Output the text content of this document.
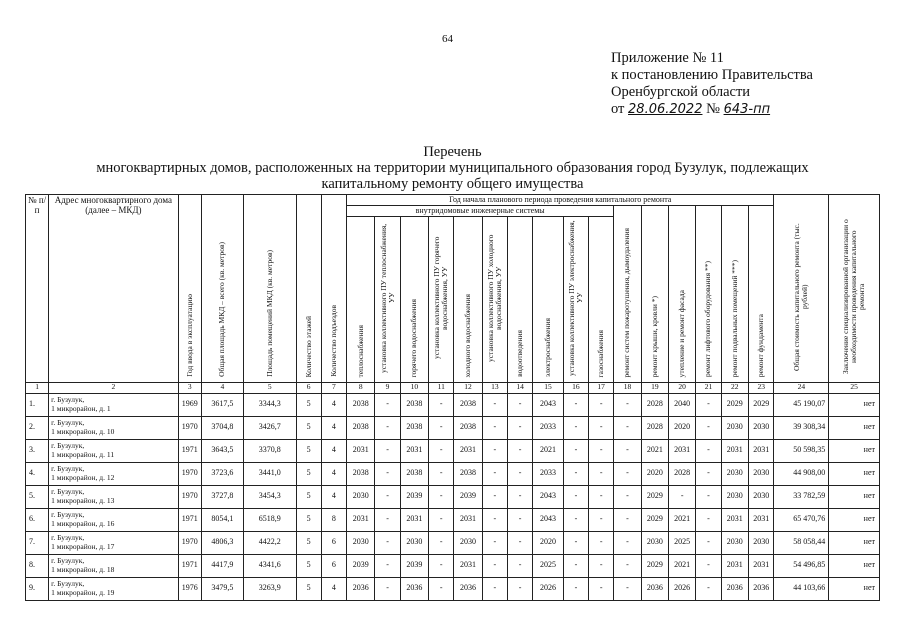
64
Приложение № 11
к постановлению Правительства
Оренбургской области
от 28.06.2022 № 643-пп
Перечень
многоквартирных домов, расположенных на территории муниципального образования город Бузулук, подлежащих
капитальному ремонту общего имущества
№ п/п	Адрес многоквартирного дома (далее – МКД)	Год ввода в эксплуатацию	Общая площадь МКД – всего (кв. метров)	Площадь помещений МКД (кв. метров)	Количество этажей	Количество подъездов	Год начала планового периода проведения капитального ремонта																Общая стоимость капитального ремонта (тыс. рублей)	Заключение специализированной организации о необходимости проведения капитального ремонта
							внутридомовые инженерные системы										ремонт систем пожаротушения, дымоудаления	ремонт крыши, кровли *)	утепление и ремонт фасада	ремонт лифтового оборудования **)	ремонт подвальных помещений ***)	ремонт фундамента		
							теплоснабжения	установка коллективного ПУ теплоснабжения, УУ	горячего водоснабжения	установка коллективного ПУ горячего водоснабжения, УУ	холодного водоснабжения	установка коллективного ПУ холодного водоснабжения, УУ	водоотведения	электроснабжения	установка коллективного ПУ электроснабжения, УУ	газоснабжения								
1	2	3	4	5	6	7	8	9	10	11	12	13	14	15	16	17	18	19	20	21	22	23	24	25
1.	г. Бузулук,
1 микрорайон, д. 1	1969	3617,5	3344,3	5	4	2038	-	2038	-	2038	-	-	2043	-	-	-	2028	2040	-	2029	2029	45 190,07	нет
2.	г. Бузулук,
1 микрорайон, д. 10	1970	3704,8	3426,7	5	4	2038	-	2038	-	2038	-	-	2033	-	-	-	2028	2020	-	2030	2030	39 308,34	нет
3.	г. Бузулук,
1 микрорайон, д. 11	1971	3643,5	3370,8	5	4	2031	-	2031	-	2031	-	-	2021	-	-	-	2021	2031	-	2031	2031	50 598,35	нет
4.	г. Бузулук,
1 микрорайон, д. 12	1970	3723,6	3441,0	5	4	2038	-	2038	-	2038	-	-	2033	-	-	-	2020	2028	-	2030	2030	44 908,00	нет
5.	г. Бузулук,
1 микрорайон, д. 13	1970	3727,8	3454,3	5	4	2030	-	2039	-	2039	-	-	2043	-	-	-	2029	-	-	2030	2030	33 782,59	нет
6.	г. Бузулук,
1 микрорайон, д. 16	1971	8054,1	6518,9	5	8	2031	-	2031	-	2031	-	-	2043	-	-	-	2029	2021	-	2031	2031	65 470,76	нет
7.	г. Бузулук,
1 микрорайон, д. 17	1970	4806,3	4422,2	5	6	2030	-	2030	-	2030	-	-	2020	-	-	-	2030	2025	-	2030	2030	58 058,44	нет
8.	г. Бузулук,
1 микрорайон, д. 18	1971	4417,9	4341,6	5	6	2039	-	2039	-	2031	-	-	2025	-	-	-	2029	2021	-	2031	2031	54 496,85	нет
9.	г. Бузулук,
1 микрорайон, д. 19	1976	3479,5	3263,9	5	4	2036	-	2036	-	2036	-	-	2026	-	-	-	2036	2026	-	2036	2036	44 103,66	нет
